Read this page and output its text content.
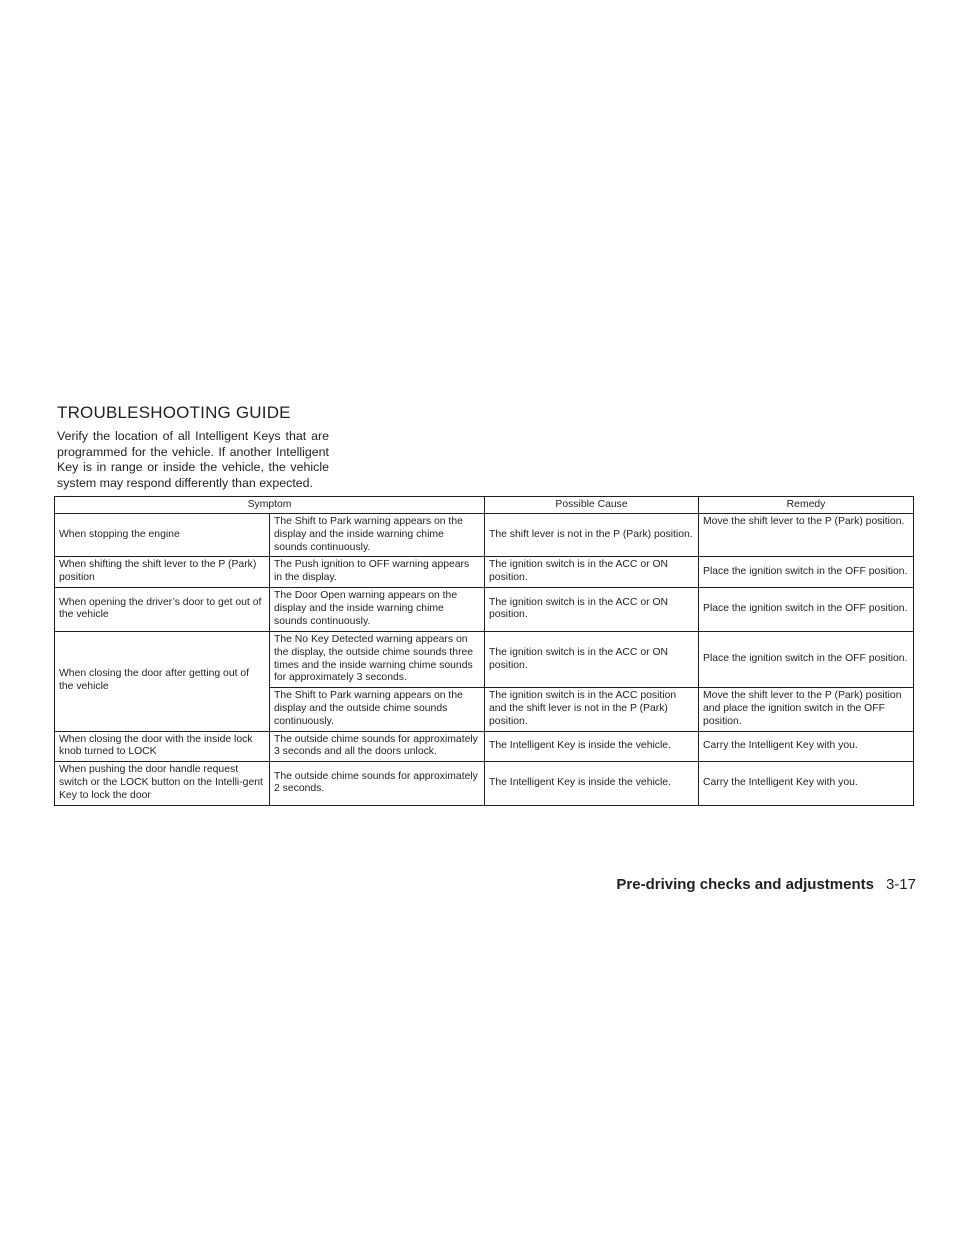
TROUBLESHOOTING GUIDE

Verify the location of all Intelligent Keys that are programmed for the vehicle. If another Intelligent Key is in range or inside the vehicle, the vehicle system may respond differently than expected.

Symptom		Possible Cause	Remedy
When stopping the engine	The Shift to Park warning appears on the display and the inside warning chime sounds continuously.	The shift lever is not in the P (Park) position.	Move the shift lever to the P (Park) position.
When shifting the shift lever to the P (Park) position	The Push ignition to OFF warning appears in the display.	The ignition switch is in the ACC or ON position.	Place the ignition switch in the OFF position.
When opening the driver’s door to get out of the vehicle	The Door Open warning appears on the display and the inside warning chime sounds continuously.	The ignition switch is in the ACC or ON position.	Place the ignition switch in the OFF position.
When closing the door after getting out of the vehicle	The No Key Detected warning appears on the display, the outside chime sounds three times and the inside warning chime sounds for approximately 3 seconds.	The ignition switch is in the ACC or ON position.	Place the ignition switch in the OFF position.
	The Shift to Park warning appears on the display and the outside chime sounds continuously.	The ignition switch is in the ACC position and the shift lever is not in the P (Park) position.	Move the shift lever to the P (Park) position and place the ignition switch in the OFF position.
When closing the door with the inside lock knob turned to LOCK	The outside chime sounds for approximately 3 seconds and all the doors unlock.	The Intelligent Key is inside the vehicle.	Carry the Intelligent Key with you.
When pushing the door handle request switch or the LOCK button on the Intelli-gent Key to lock the door	The outside chime sounds for approximately 2 seconds.	The Intelligent Key is inside the vehicle.	Carry the Intelligent Key with you.
Pre-driving checks and adjustments 3-17
